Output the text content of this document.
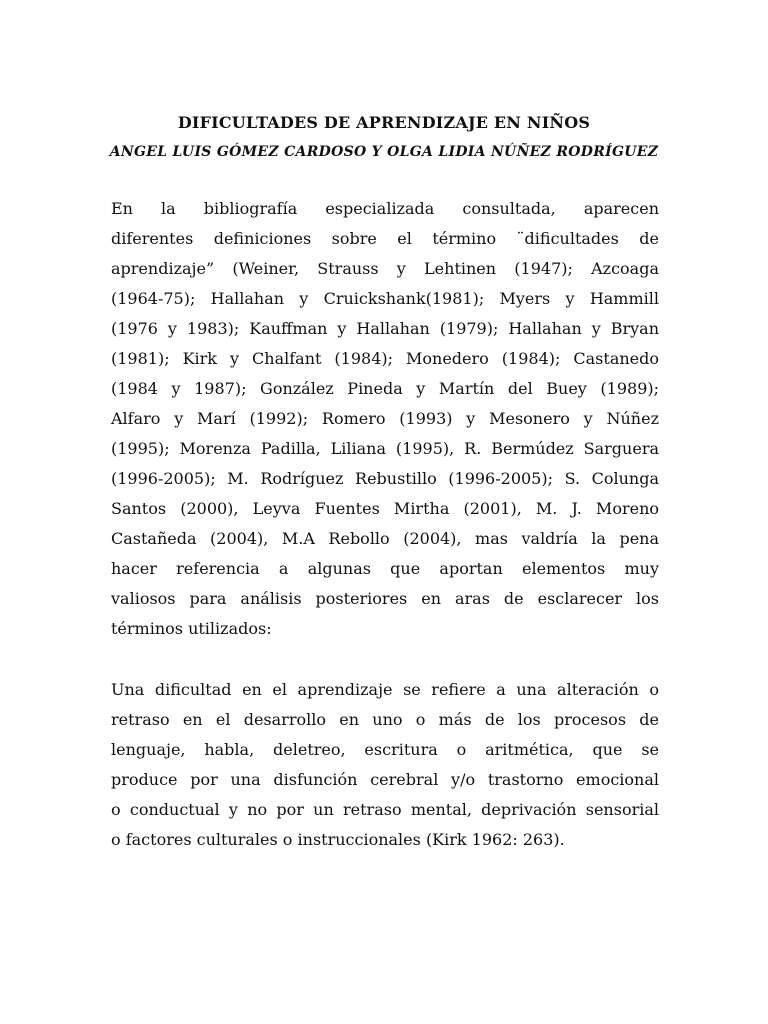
DIFICULTADES DE APRENDIZAJE EN NIÑOS
ANGEL LUIS GÓMEZ CARDOSO Y OLGA LIDIA NÚÑEZ RODRÍGUEZ
En la bibliografía especializada consultada, aparecen
diferentes definiciones sobre el término ¨dificultades de
aprendizaje” (Weiner, Strauss y Lehtinen (1947); Azcoaga
(1964-75); Hallahan y Cruickshank(1981); Myers y Hammill
(1976 y 1983); Kauffman y Hallahan (1979); Hallahan y Bryan
(1981); Kirk y Chalfant (1984); Monedero (1984); Castanedo
(1984 y 1987); González Pineda y Martín del Buey (1989);
Alfaro y Marí (1992); Romero (1993) y Mesonero y Núñez
(1995); Morenza Padilla, Liliana (1995), R. Bermúdez Sarguera
(1996-2005); M. Rodríguez Rebustillo (1996-2005); S. Colunga
Santos (2000), Leyva Fuentes Mirtha (2001), M. J. Moreno
Castañeda (2004), M.A Rebollo (2004), mas valdría la pena
hacer referencia a algunas que aportan elementos muy
valiosos para análisis posteriores en aras de esclarecer los
términos utilizados:
Una dificultad en el aprendizaje se refiere a una alteración o
retraso en el desarrollo en uno o más de los procesos de
lenguaje, habla, deletreo, escritura o aritmética, que se
produce por una disfunción cerebral y/o trastorno emocional
o conductual y no por un retraso mental, deprivación sensorial
o factores culturales o instruccionales (Kirk 1962: 263).
